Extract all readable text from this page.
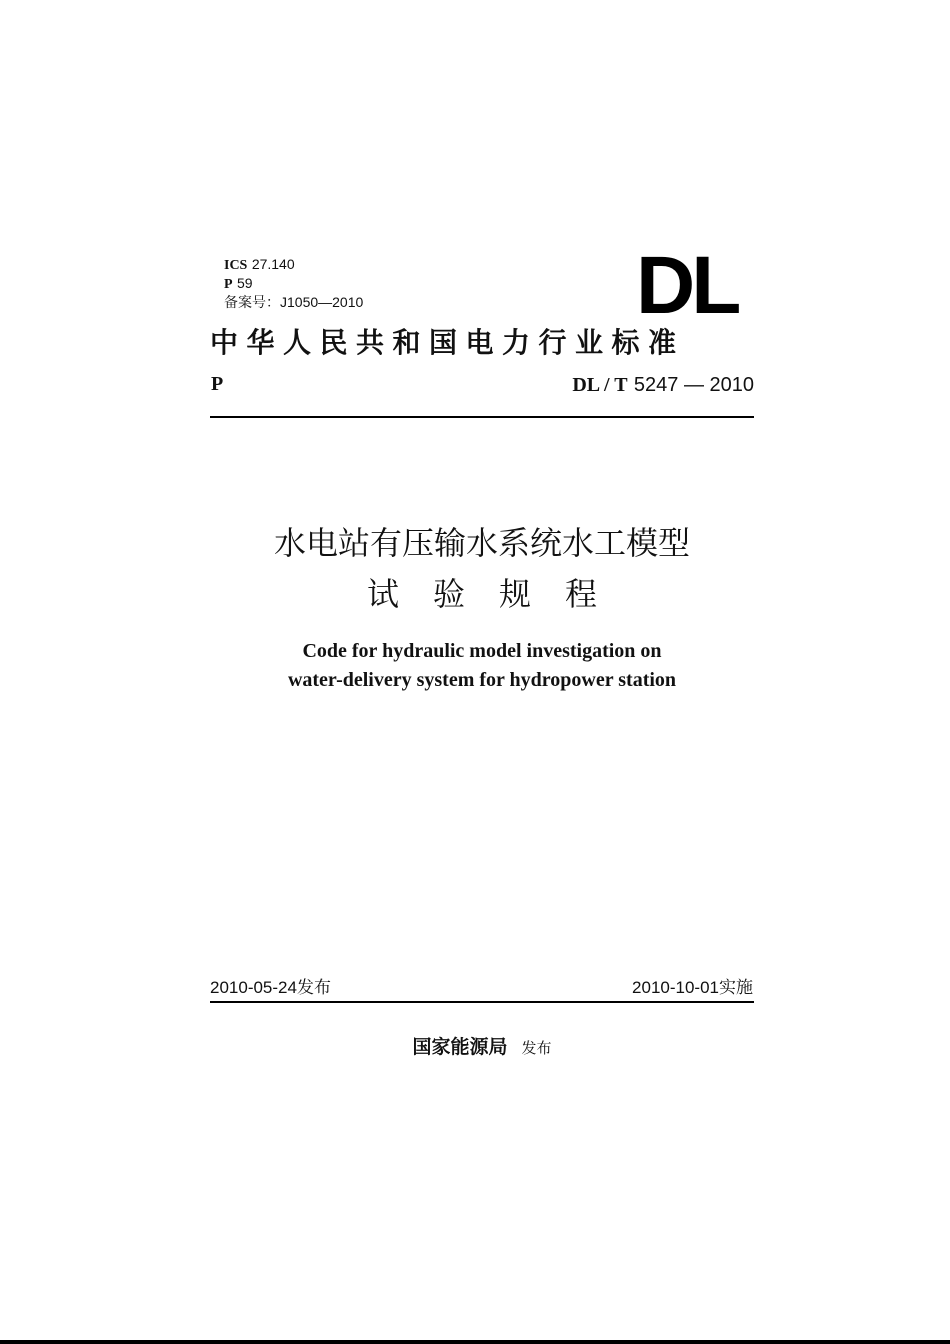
ICS 27.140
P 59
备案号：J1050—2010	DL
中华人民共和国电力行业标准
P	DL / T 5247 — 2010
水电站有压输水系统水工模型
试验规程
Code for hydraulic model investigation on
water-delivery system for hydropower station
2010-05-24发布	2010-10-01实施
国家能源局 发布
